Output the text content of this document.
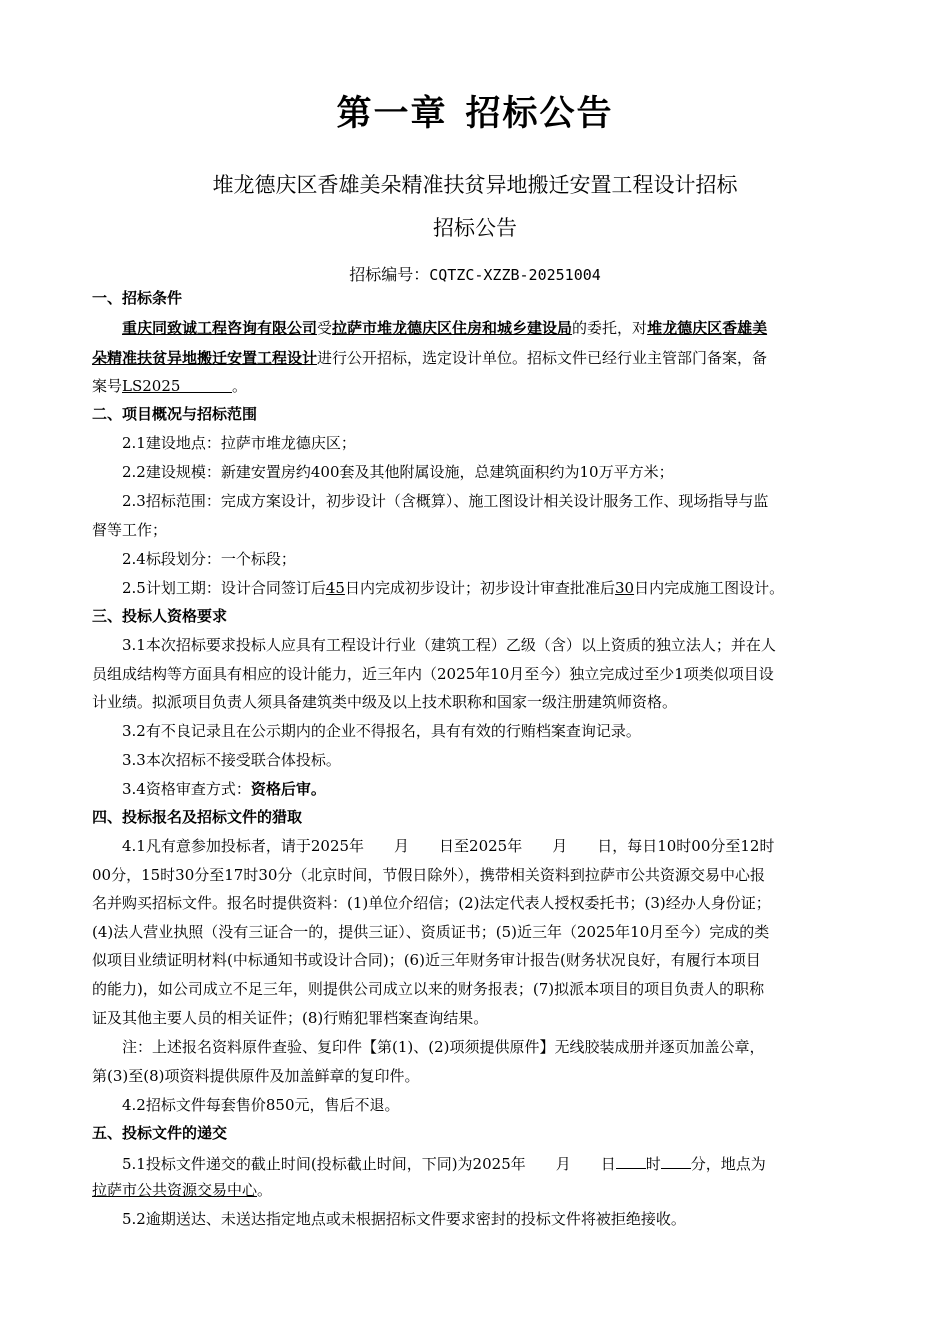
第一章 招标公告
堆龙德庆区香雄美朵精准扶贫异地搬迁安置工程设计招标
招标公告
招标编号：CQTZC-XZZB-20251004
一、招标条件
重庆同致诚工程咨询有限公司受拉萨市堆龙德庆区住房和城乡建设局的委托，对堆龙德庆区香雄美
朵精准扶贫异地搬迁安置工程设计进行公开招标，选定设计单位。招标文件已经行业主管部门备案，备
案号LS2025	。
二、项目概况与招标范围
2.1建设地点：拉萨市堆龙德庆区；
2.2建设规模：新建安置房约400套及其他附属设施，总建筑面积约为10万平方米；
2.3招标范围：完成方案设计，初步设计（含概算）、施工图设计相关设计服务工作、现场指导与监
督等工作；
2.4标段划分：一个标段；
2.5计划工期：设计合同签订后45日内完成初步设计；初步设计审查批准后30日内完成施工图设计。
三、投标人资格要求
3.1本次招标要求投标人应具有工程设计行业（建筑工程）乙级（含）以上资质的独立法人；并在人
员组成结构等方面具有相应的设计能力，近三年内（2025年10月至今）独立完成过至少1项类似项目设
计业绩。拟派项目负责人须具备建筑类中级及以上技术职称和国家一级注册建筑师资格。
3.2有不良记录且在公示期内的企业不得报名，具有有效的行贿档案查询记录。
3.3本次招标不接受联合体投标。
3.4资格审查方式：资格后审。
四、投标报名及招标文件的猎取
4.1凡有意参加投标者，请于2025年　　月　　日至2025年　　月　　日，每日10时00分至12时
00分，15时30分至17时30分（北京时间，节假日除外），携带相关资料到拉萨市公共资源交易中心报
名并购买招标文件。报名时提供资料：(1)单位介绍信；(2)法定代表人授权委托书；(3)经办人身份证；
(4)法人营业执照（没有三证合一的，提供三证）、资质证书；(5)近三年（2025年10月至今）完成的类
似项目业绩证明材料(中标通知书或设计合同)；(6)近三年财务审计报告(财务状况良好，有履行本项目
的能力)，如公司成立不足三年，则提供公司成立以来的财务报表；(7)拟派本项目的项目负责人的职称
证及其他主要人员的相关证件；(8)行贿犯罪档案查询结果。
注：上述报名资料原件查验、复印件【第(1)、(2)项须提供原件】无线胶装成册并逐页加盖公章，
第(3)至(8)项资料提供原件及加盖鲜章的复印件。
4.2招标文件每套售价850元，售后不退。
五、投标文件的递交
5.1投标文件递交的截止时间(投标截止时间，下同)为2025年　　月　　日 时 分，地点为
拉萨市公共资源交易中心。
5.2逾期送达、未送达指定地点或未根据招标文件要求密封的投标文件将被拒绝接收。
